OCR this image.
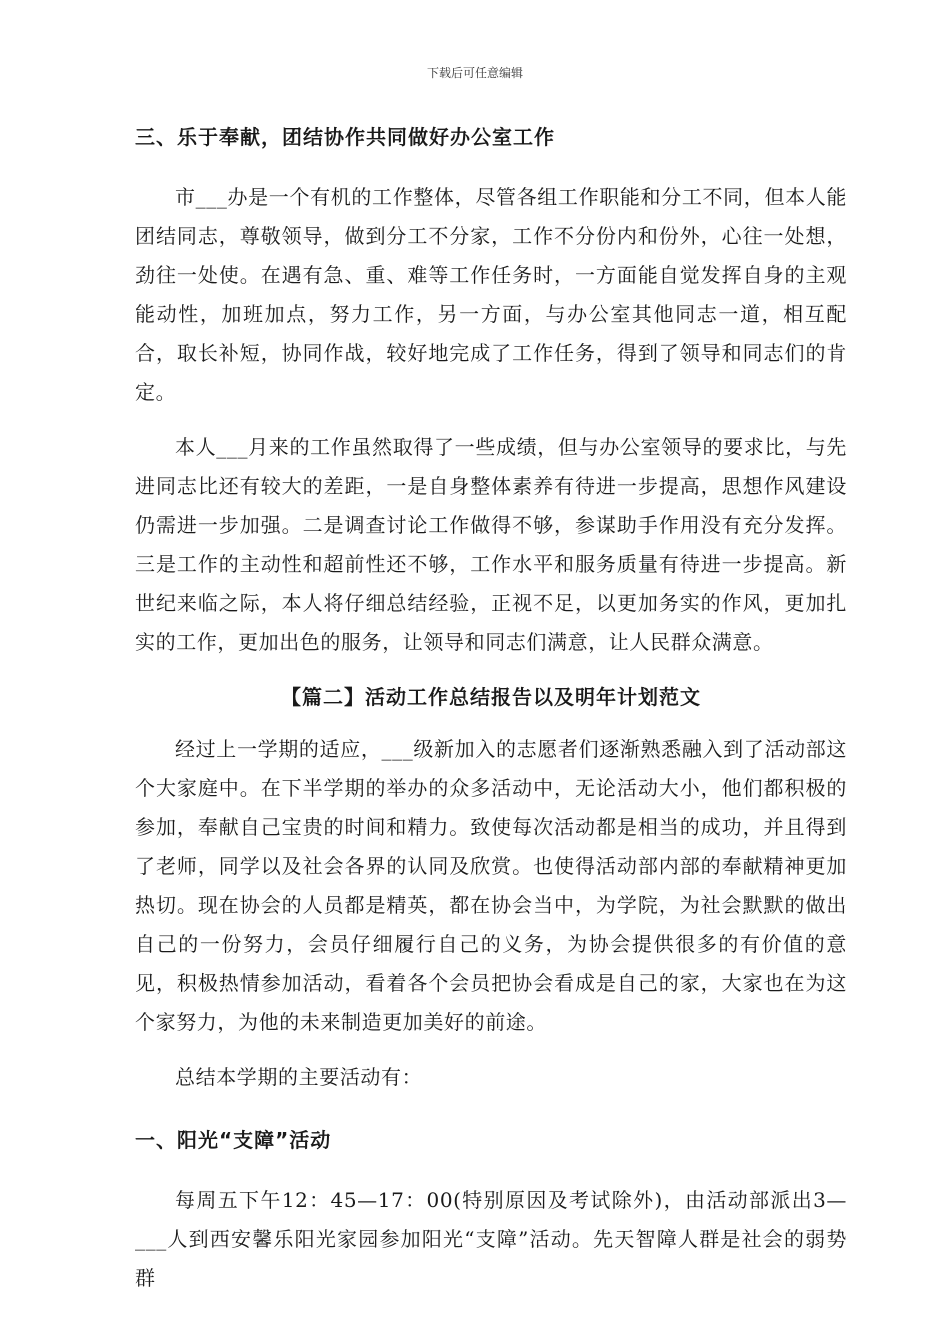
下载后可任意编辑
三、乐于奉献，团结协作共同做好办公室工作

市___办是一个有机的工作整体，尽管各组工作职能和分工不同，但本人能团结同志，尊敬领导，做到分工不分家，工作不分份内和份外，心往一处想，劲往一处使。在遇有急、重、难等工作任务时，一方面能自觉发挥自身的主观能动性，加班加点，努力工作，另一方面，与办公室其他同志一道，相互配合，取长补短，协同作战，较好地完成了工作任务，得到了领导和同志们的肯定。

本人___月来的工作虽然取得了一些成绩，但与办公室领导的要求比，与先进同志比还有较大的差距，一是自身整体素养有待进一步提高，思想作风建设仍需进一步加强。二是调查讨论工作做得不够，参谋助手作用没有充分发挥。三是工作的主动性和超前性还不够，工作水平和服务质量有待进一步提高。新世纪来临之际，本人将仔细总结经验，正视不足，以更加务实的作风，更加扎实的工作，更加出色的服务，让领导和同志们满意，让人民群众满意。

【篇二】活动工作总结报告以及明年计划范文

经过上一学期的适应，___级新加入的志愿者们逐渐熟悉融入到了活动部这个大家庭中。在下半学期的举办的众多活动中，无论活动大小，他们都积极的参加，奉献自己宝贵的时间和精力。致使每次活动都是相当的成功，并且得到了老师，同学以及社会各界的认同及欣赏。也使得活动部内部的奉献精神更加热切。现在协会的人员都是精英，都在协会当中，为学院，为社会默默的做出自己的一份努力，会员仔细履行自己的义务，为协会提供很多的有价值的意见，积极热情参加活动，看着各个会员把协会看成是自己的家，大家也在为这个家努力，为他的未来制造更加美好的前途。

总结本学期的主要活动有：

一、阳光“支障”活动

每周五下午12：45—17：00(特别原因及考试除外)，由活动部派出3—___人到西安馨乐阳光家园参加阳光“支障”活动。先天智障人群是社会的弱势群
